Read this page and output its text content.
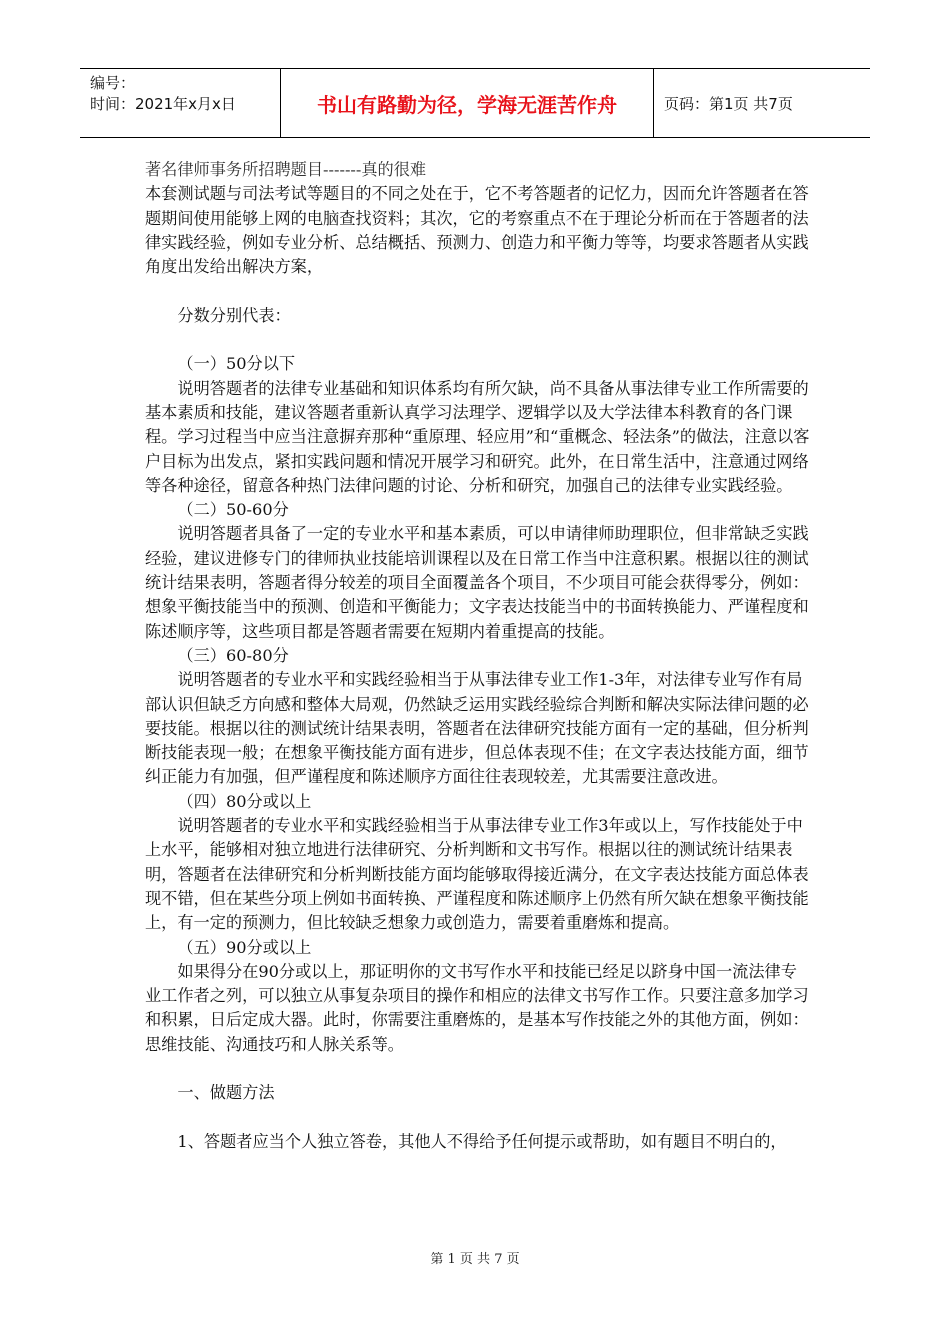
编号：
时间：2021年x月x日	书山有路勤为径，学海无涯苦作舟	页码：第1页 共7页

著名律师事务所招聘题目-------真的很难

本套测试题与司法考试等题目的不同之处在于，它不考答题者的记忆力，因而允许答题者在答题期间使用能够上网的电脑查找资料；其次，它的考察重点不在于理论分析而在于答题者的法律实践经验，例如专业分析、总结概括、预测力、创造力和平衡力等等，均要求答题者从实践角度出发给出解决方案，

分数分别代表：

（一）50分以下

说明答题者的法律专业基础和知识体系均有所欠缺，尚不具备从事法律专业工作所需要的基本素质和技能，建议答题者重新认真学习法理学、逻辑学以及大学法律本科教育的各门课程。学习过程当中应当注意摒弃那种“重原理、轻应用”和“重概念、轻法条”的做法，注意以客户目标为出发点，紧扣实践问题和情况开展学习和研究。此外，在日常生活中，注意通过网络等各种途径，留意各种热门法律问题的讨论、分析和研究，加强自己的法律专业实践经验。

（二）50-60分

说明答题者具备了一定的专业水平和基本素质，可以申请律师助理职位，但非常缺乏实践经验，建议进修专门的律师执业技能培训课程以及在日常工作当中注意积累。根据以往的测试统计结果表明，答题者得分较差的项目全面覆盖各个项目，不少项目可能会获得零分，例如：想象平衡技能当中的预测、创造和平衡能力；文字表达技能当中的书面转换能力、严谨程度和陈述顺序等，这些项目都是答题者需要在短期内着重提高的技能。

（三）60-80分

说明答题者的专业水平和实践经验相当于从事法律专业工作1-3年，对法律专业写作有局部认识但缺乏方向感和整体大局观，仍然缺乏运用实践经验综合判断和解决实际法律问题的必要技能。根据以往的测试统计结果表明，答题者在法律研究技能方面有一定的基础，但分析判断技能表现一般；在想象平衡技能方面有进步，但总体表现不佳；在文字表达技能方面，细节纠正能力有加强，但严谨程度和陈述顺序方面往往表现较差，尤其需要注意改进。

（四）80分或以上

说明答题者的专业水平和实践经验相当于从事法律专业工作3年或以上，写作技能处于中上水平，能够相对独立地进行法律研究、分析判断和文书写作。根据以往的测试统计结果表明，答题者在法律研究和分析判断技能方面均能够取得接近满分，在文字表达技能方面总体表现不错，但在某些分项上例如书面转换、严谨程度和陈述顺序上仍然有所欠缺在想象平衡技能上，有一定的预测力，但比较缺乏想象力或创造力，需要着重磨炼和提高。

（五）90分或以上

如果得分在90分或以上，那证明你的文书写作水平和技能已经足以跻身中国一流法律专业工作者之列，可以独立从事复杂项目的操作和相应的法律文书写作工作。只要注意多加学习和积累，日后定成大器。此时，你需要注重磨炼的，是基本写作技能之外的其他方面，例如：思维技能、沟通技巧和人脉关系等。

一、做题方法

1、答题者应当个人独立答卷，其他人不得给予任何提示或帮助，如有题目不明白的，

第 1 页 共 7 页
